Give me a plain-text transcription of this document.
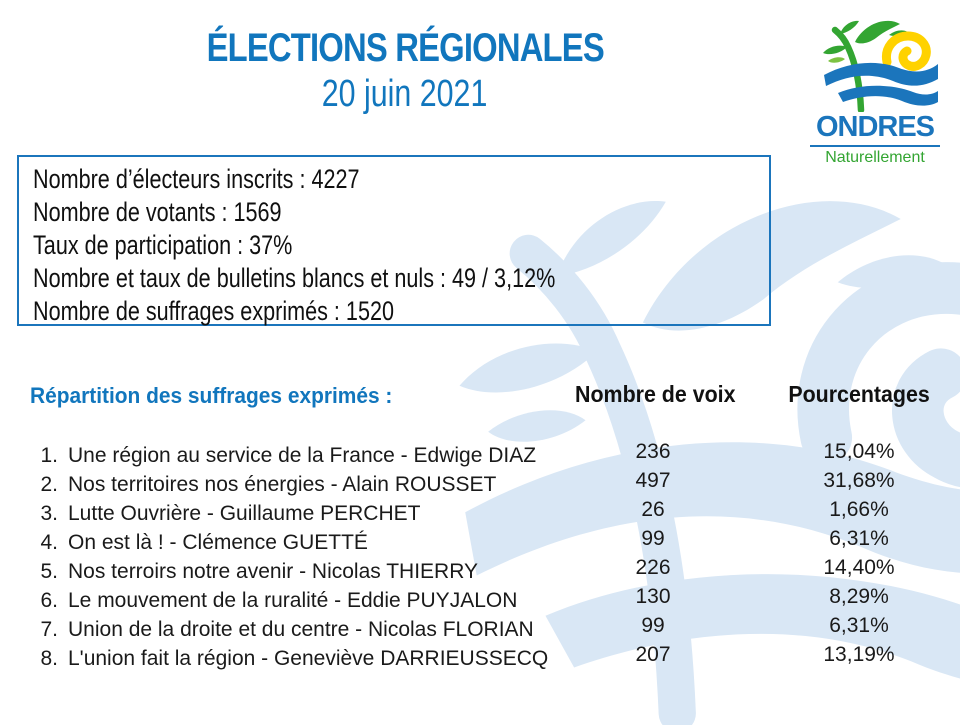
ÉLECTIONS RÉGIONALES
20 juin 2021
ONDRES
Naturellement
Nombre d’électeurs inscrits : 4227
Nombre de votants : 1569
Taux de participation : 37%
Nombre et taux de bulletins blancs et nuls : 49 / 3,12%
Nombre de suffrages exprimés : 1520
Répartition des suffrages exprimés :	Nombre de voix	Pourcentages
1. Une région au service de la France - Edwige DIAZ	236	15,04%
2. Nos territoires nos énergies - Alain ROUSSET	497	31,68%
3. Lutte Ouvrière - Guillaume PERCHET	26	1,66%
4. On est là ! - Clémence GUETTÉ	99	6,31%
5. Nos terroirs notre avenir - Nicolas THIERRY	226	14,40%
6. Le mouvement de la ruralité - Eddie PUYJALON	130	8,29%
7. Union de la droite et du centre - Nicolas FLORIAN	99	6,31%
8. L'union fait la région - Geneviève DARRIEUSSECQ	207	13,19%
